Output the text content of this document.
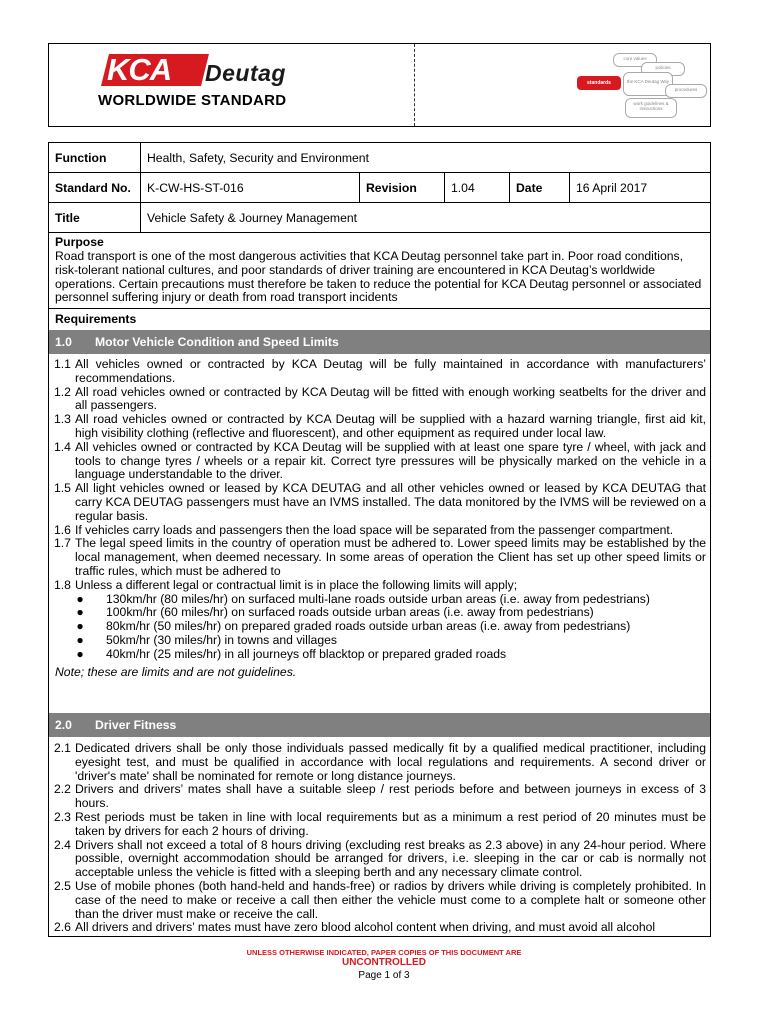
KCA Deutag
WORLDWIDE STANDARD
core values
policies
the KCA Deutag Way
procedures
work guidelines & instructions
standards
Function	Health, Safety, Security and Environment				
Standard No.	K-CW-HS-ST-016	Revision	1.04	Date	16 April 2017
Title	Vehicle Safety & Journey Management				
Purpose
Road transport is one of the most dangerous activities that KCA Deutag personnel take part in. Poor road conditions, risk-tolerant national cultures, and poor standards of driver training are encountered in KCA Deutag’s worldwide operations. Certain precautions must therefore be taken to reduce the potential for KCA Deutag personnel or associated personnel suffering injury or death from road transport incidents
Requirements
1.0 Motor Vehicle Condition and Speed Limits
1.1 All vehicles owned or contracted by KCA Deutag will be fully maintained in accordance with manufacturers’ recommendations.
1.2 All road vehicles owned or contracted by KCA Deutag will be fitted with enough working seatbelts for the driver and all passengers.
1.3 All road vehicles owned or contracted by KCA Deutag will be supplied with a hazard warning triangle, first aid kit, high visibility clothing (reflective and fluorescent), and other equipment as required under local law.
1.4 All vehicles owned or contracted by KCA Deutag will be supplied with at least one spare tyre / wheel, with jack and tools to change tyres / wheels or a repair kit. Correct tyre pressures will be physically marked on the vehicle in a language understandable to the driver.
1.5 All light vehicles owned or leased by KCA DEUTAG and all other vehicles owned or leased by KCA DEUTAG that carry KCA DEUTAG passengers must have an IVMS installed. The data monitored by the IVMS will be reviewed on a regular basis.
1.6 If vehicles carry loads and passengers then the load space will be separated from the passenger compartment.
1.7 The legal speed limits in the country of operation must be adhered to. Lower speed limits may be established by the local management, when deemed necessary. In some areas of operation the Client has set up other speed limits or traffic rules, which must be adhered to
1.8 Unless a different legal or contractual limit is in place the following limits will apply;
●	130km/hr (80 miles/hr) on surfaced multi-lane roads outside urban areas (i.e. away from pedestrians)
●	100km/hr (60 miles/hr) on surfaced roads outside urban areas (i.e. away from pedestrians)
●	80km/hr (50 miles/hr) on prepared graded roads outside urban areas (i.e. away from pedestrians)
●	50km/hr (30 miles/hr) in towns and villages
●	40km/hr (25 miles/hr) in all journeys off blacktop or prepared graded roads
Note; these are limits and are not guidelines.
2.0 Driver Fitness
2.1 Dedicated drivers shall be only those individuals passed medically fit by a qualified medical practitioner, including eyesight test, and must be qualified in accordance with local regulations and requirements. A second driver or 'driver's mate' shall be nominated for remote or long distance journeys.
2.2 Drivers and drivers’ mates shall have a suitable sleep / rest periods before and between journeys in excess of 3 hours.
2.3 Rest periods must be taken in line with local requirements but as a minimum a rest period of 20 minutes must be taken by drivers for each 2 hours of driving.
2.4 Drivers shall not exceed a total of 8 hours driving (excluding rest breaks as 2.3 above) in any 24-hour period. Where possible, overnight accommodation should be arranged for drivers, i.e. sleeping in the car or cab is normally not acceptable unless the vehicle is fitted with a sleeping berth and any necessary climate control.
2.5 Use of mobile phones (both hand-held and hands-free) or radios by drivers while driving is completely prohibited. In case of the need to make or receive a call then either the vehicle must come to a complete halt or someone other than the driver must make or receive the call.
2.6 All drivers and drivers’ mates must have zero blood alcohol content when driving, and must avoid all alcohol
UNLESS OTHERWISE INDICATED, PAPER COPIES OF THIS DOCUMENT ARE
UNCONTROLLED
Page 1 of 3
